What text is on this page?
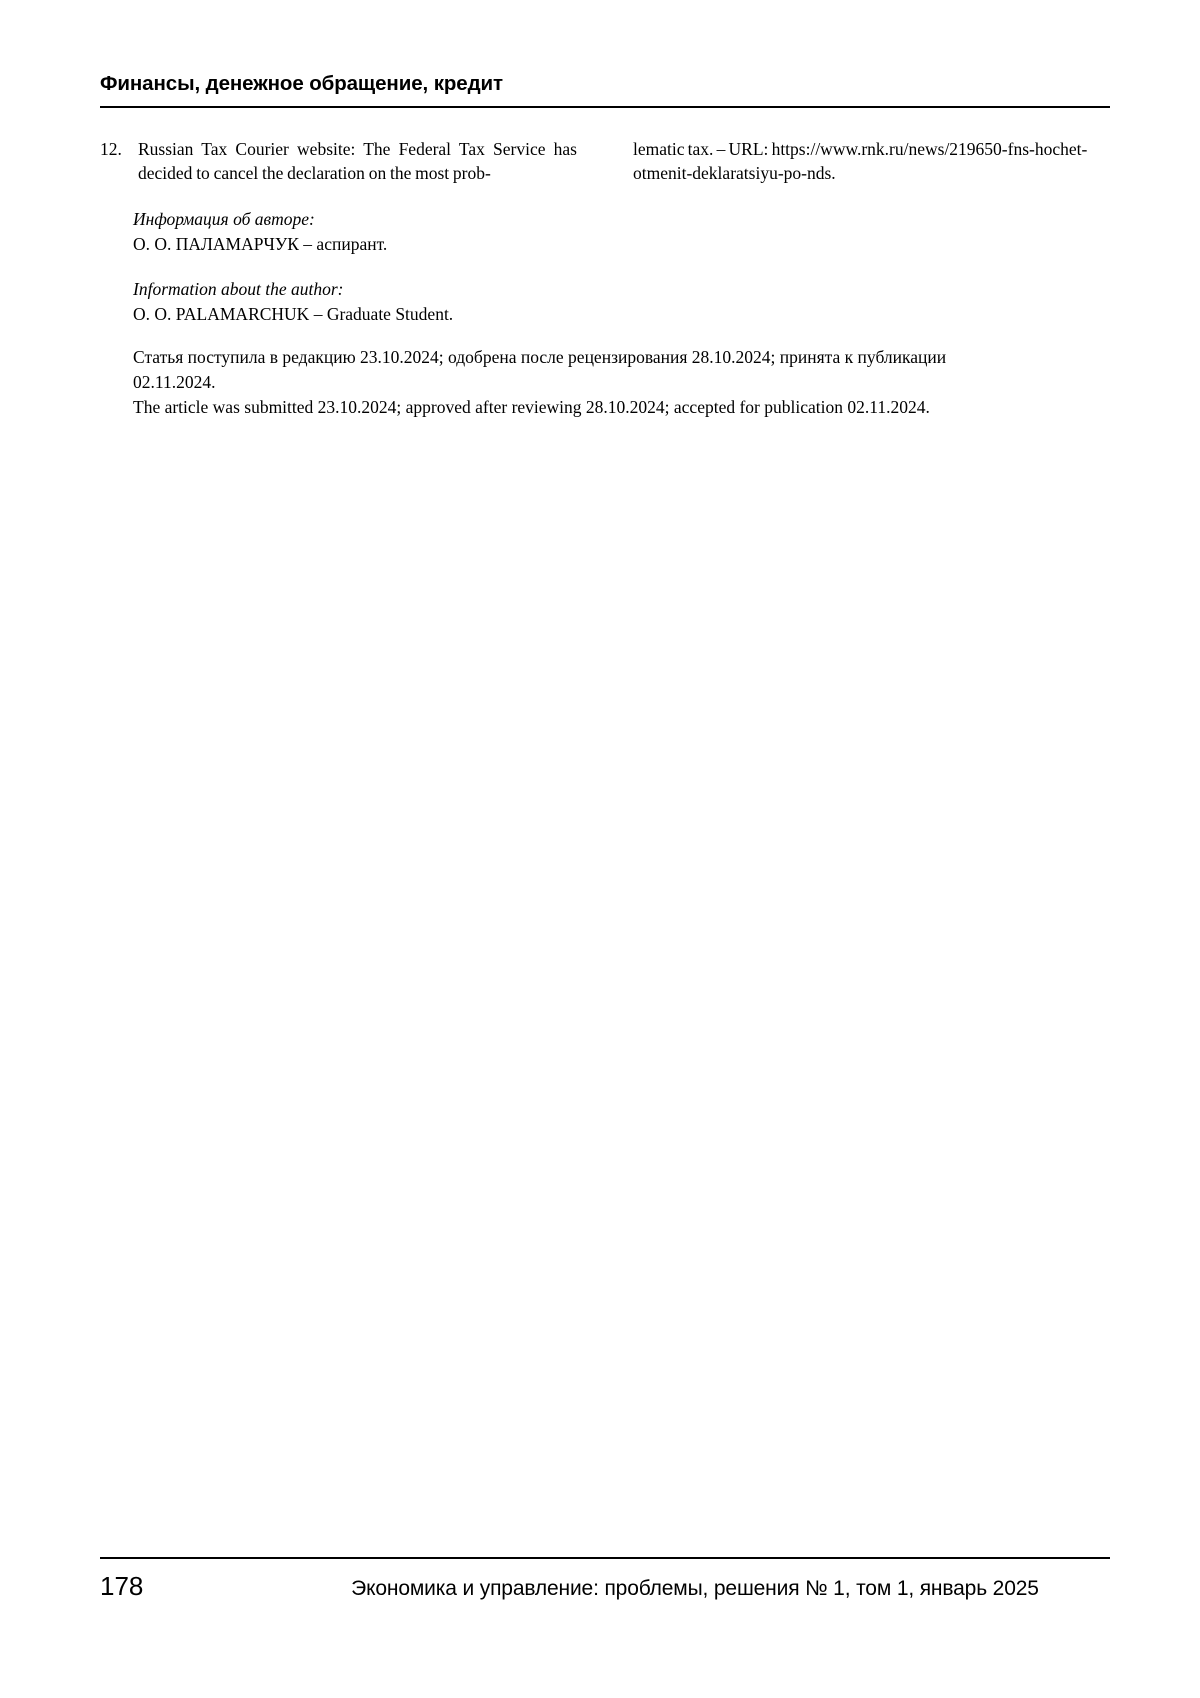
Финансы, денежное обращение, кредит
12. Russian Tax Courier website: The Federal Tax Service has decided to cancel the declaration on the most prob-
lematic tax. – URL: https://www.rnk.ru/news/219650-fns-hochet-otmenit-deklaratsiyu-po-nds.
Информация об авторе:
О. О. ПАЛАМАРЧУК – аспирант.
Information about the author:
O. O. PALAMARCHUK – Graduate Student.
Статья поступила в редакцию 23.10.2024; одобрена после рецензирования 28.10.2024; принята к публикации
02.11.2024.
The article was submitted 23.10.2024; approved after reviewing 28.10.2024; accepted for publication 02.11.2024.
178	Экономика и управление: проблемы, решения № 1, том 1, январь 2025
